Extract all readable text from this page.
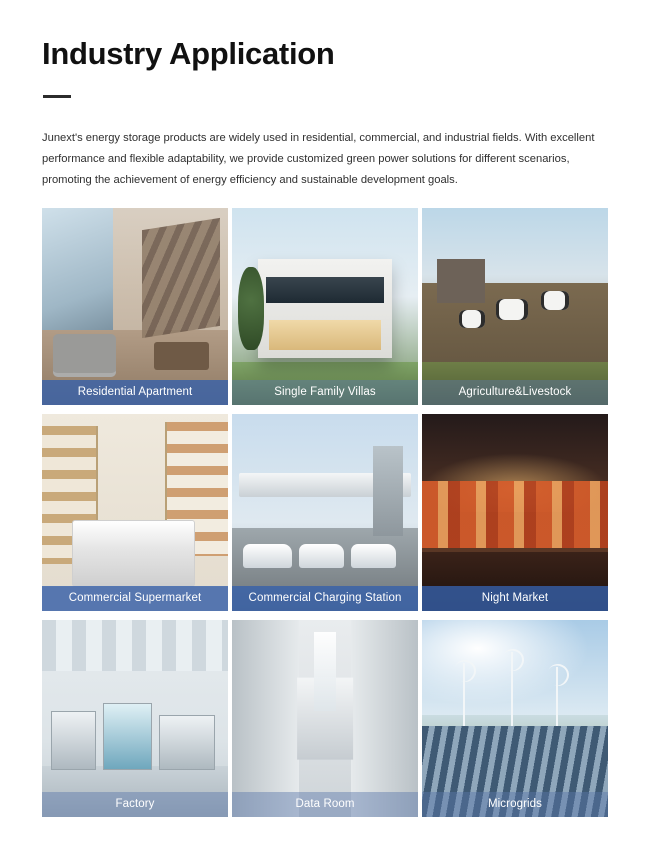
Industry Application

Junext's energy storage products are widely used in residential, commercial, and industrial fields. With excellent performance and flexible adaptability, we provide customized green power solutions for different scenarios, promoting the achievement of energy efficiency and sustainable development goals.

Residential Apartment	Single Family Villas	Agriculture&Livestock
Commercial Supermarket	Commercial Charging Station	Night Market
Factory	Data Room	Microgrids
